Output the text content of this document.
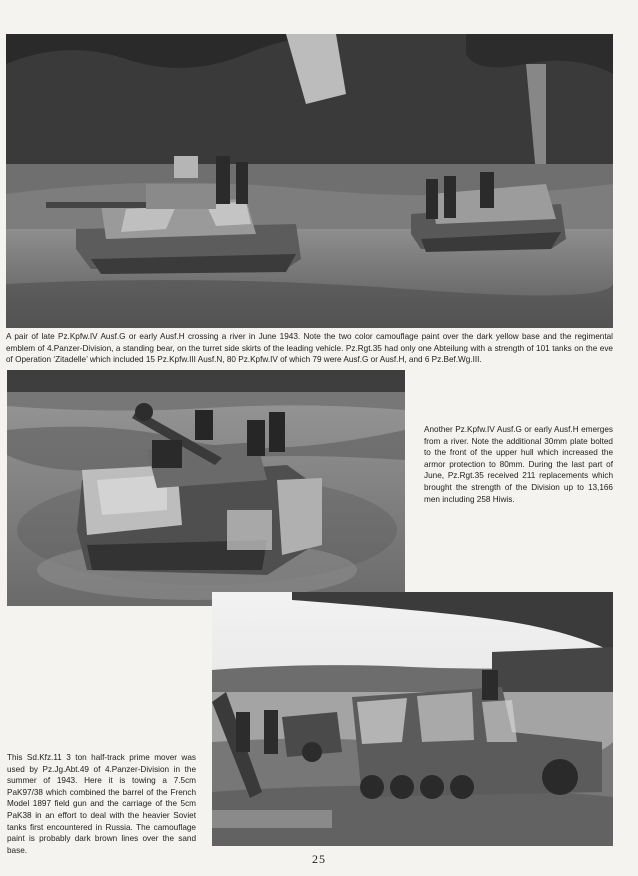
A pair of late Pz.Kpfw.IV Ausf.G or early Ausf.H crossing a river in June 1943. Note the two color camouflage paint over the dark yellow base and the regimental emblem of 4.Panzer-Division, a standing bear, on the turret side skirts of the leading vehicle. Pz.Rgt.35 had only one Abteilung with a strength of 101 tanks on the eve of Operation ‘Zitadelle’ which included 15 Pz.Kpfw.III Ausf.N, 80 Pz.Kpfw.IV of which 79 were Ausf.G or Ausf.H, and 6 Pz.Bef.Wg.III.

Another Pz.Kpfw.IV Ausf.G or early Ausf.H emerges from a river. Note the additional 30mm plate bolted to the front of the upper hull which increased the armor protection to 80mm. During the last part of June, Pz.Rgt.35 received 211 replacements which brought the strength of the Division up to 13,166 men including 258 Hiwis.

This Sd.Kfz.11 3 ton half-track prime mover was used by Pz.Jg.Abt.49 of 4.Panzer-Division in the summer of 1943. Here it is towing a 7.5cm PaK97/38 which combined the barrel of the French Model 1897 field gun and the carriage of the 5cm PaK38 in an effort to deal with the heavier Soviet tanks first encountered in Russia. The camouflage paint is probably dark brown lines over the sand base.

25
